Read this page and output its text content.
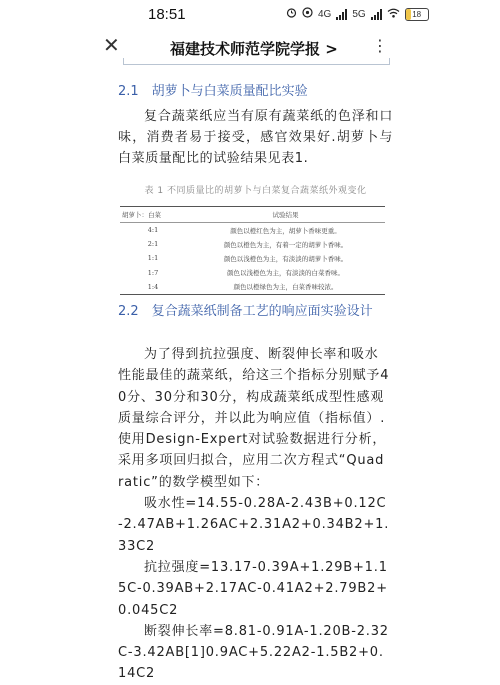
18:51	4G 5G	18
✕	福建技术师范学院学报 > ⋮

2.1　胡萝卜与白菜质量配比实验

复合蔬菜纸应当有原有蔬菜纸的色泽和口味，消费者易于接受，感官效果好.胡萝卜与白菜质量配比的试验结果见表1.

表 1 不同质量比的胡萝卜与白菜复合蔬菜纸外观变化
胡萝卜：白菜	试验结果
4:1	颜色以橙红色为主，胡萝卜香味更重。
2:1	颜色以橙色为主，有着一定的胡萝卜香味。
1:1	颜色以浅橙色为主，有淡淡的胡萝卜香味。
1:7	颜色以浅橙色为主，有淡淡的白菜香味。
1:4	颜色以橙绿色为主，白菜香味较浓。

2.2　复合蔬菜纸制备工艺的响应面实验设计

为了得到抗拉强度、断裂伸长率和吸水性能最佳的蔬菜纸，给这三个指标分别赋予40分、30分和30分，构成蔬菜纸成型性感观质量综合评分，并以此为响应值（指标值）.使用Design-Expert对试验数据进行分析，采用多项回归拟合，应用二次方程式“Quadratic”的数学模型如下：

吸水性=14.55-0.28A-2.43B+0.12C-2.47AB+1.26AC+2.31A2+0.34B2+1.33C2

抗拉强度=13.17-0.39A+1.29B+1.15C-0.39AB+2.17AC-0.41A2+2.79B2+0.045C2

断裂伸长率=8.81-0.91A-1.20B-2.32C-3.42AB[1]0.9AC+5.22A2-1.5B2+0.14C2
